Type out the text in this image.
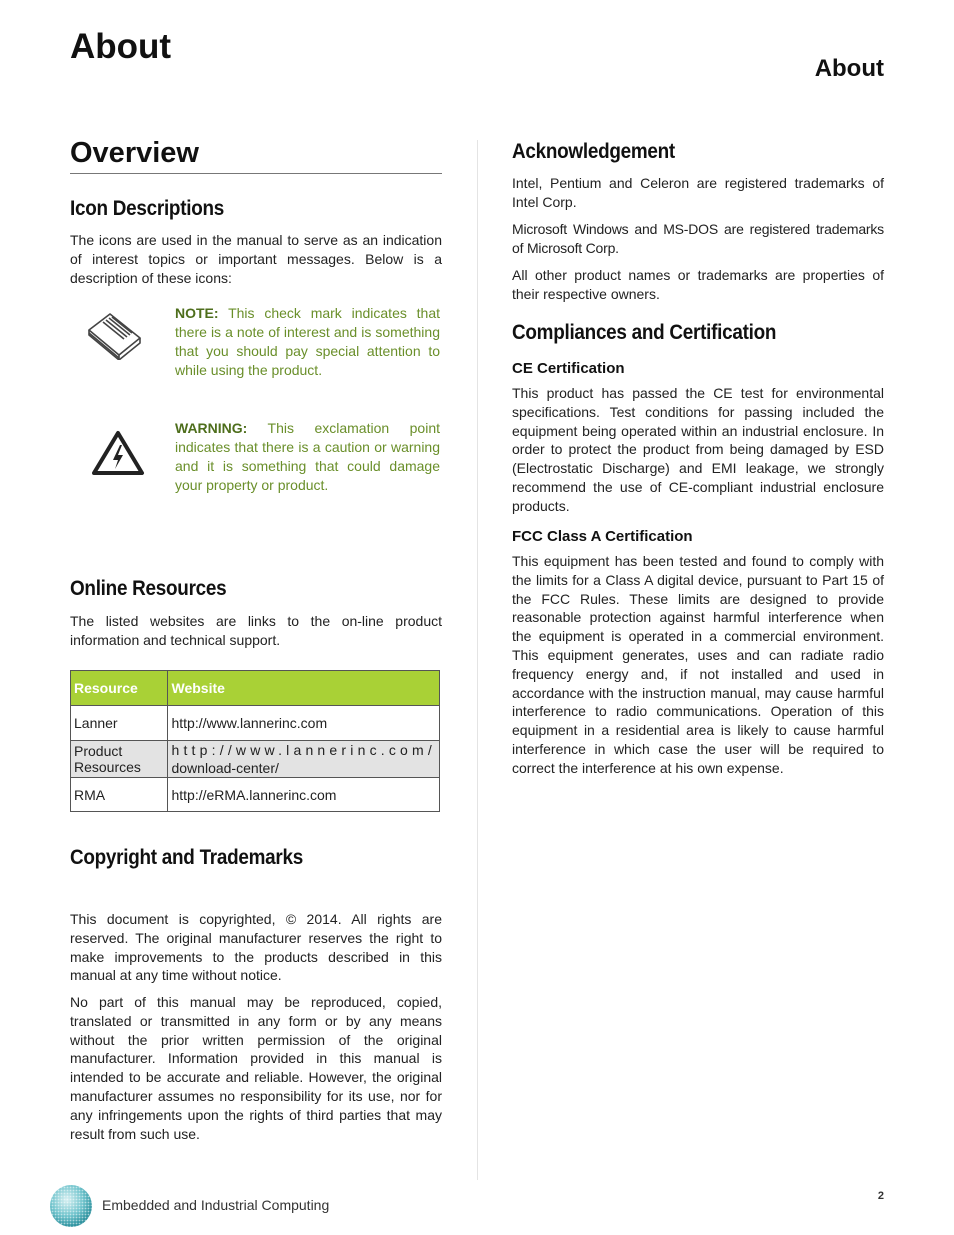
About
About
Overview
Icon Descriptions
The icons are used in the manual to serve as an indication of interest topics or important messages. Below is a description of these icons:
NOTE: This check mark indicates that there is a note of interest and is something that you should pay special attention to while using the product.
WARNING: This exclamation point indicates that there is a caution or warning and it is something that could damage your property or product.
Online Resources
The listed websites are links to the on-line product information and technical support.
Resource	Website
Lanner	http://www.lannerinc.com
Product Resources	http://www.lannerinc.com/
download-center/

RMA	http://eRMA.lannerinc.com
Copyright and Trademarks
This document is copyrighted, © 2014. All rights are reserved. The original manufacturer reserves the right to make improvements to the products described in this manual at any time without notice.
No part of this manual may be reproduced, copied, translated or transmitted in any form or by any means without the prior written permission of the original manufacturer. Information provided in this manual is intended to be accurate and reliable. However, the original manufacturer assumes no responsibility for its use, nor for any infringements upon the rights of third parties that may result from such use.
Acknowledgement
Intel, Pentium and Celeron are registered trademarks of Intel Corp.
Microsoft Windows and MS-DOS are registered trademarks of Microsoft Corp.
All other product names or trademarks are properties of their respective owners.
Compliances and Certification
CE Certification
This product has passed the CE test for environmental specifications. Test conditions for passing included the equipment being operated within an industrial enclosure. In order to protect the product from being damaged by ESD (Electrostatic Discharge) and EMI leakage, we strongly recommend the use of CE-compliant industrial enclosure products.
FCC Class A Certification
This equipment has been tested and found to comply with the limits for a Class A digital device, pursuant to Part 15 of the FCC Rules. These limits are designed to provide reasonable protection against harmful interference when the equipment is operated in a commercial environment. This equipment generates, uses and can radiate radio frequency energy and, if not installed and used in accordance with the instruction manual, may cause harmful interference to radio communications. Operation of this equipment in a residential area is likely to cause harmful interference in which case the user will be required to correct the interference at his own expense.
Embedded and Industrial Computing
2
